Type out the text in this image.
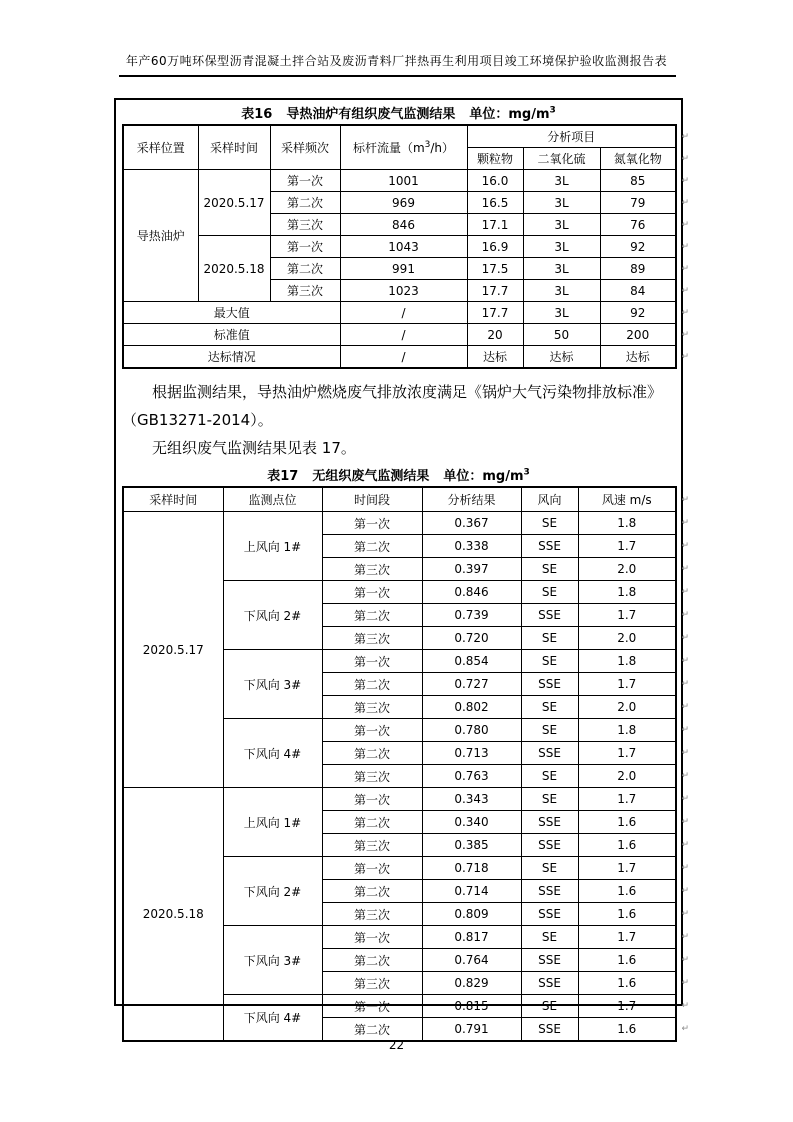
年产60万吨环保型沥青混凝土拌合站及废沥青料厂拌热再生利用项目竣工环境保护验收监测报告表
表16 导热油炉有组织废气监测结果 单位：$mg/m^3$
采样位置	采样时间	采样频次	标杆流量$(m^3/h)$	分析项目 ↵		

				颗粒物	二氧化硫	氮氧化物 ↵

导热油炉	2020.5.17	第一次	1001	16.0	3L	85 ↵

		第二次	969	16.5	3L	79 ↵

		第三次	846	17.1	3L	76 ↵

	2020.5.18	第一次	1043	16.9	3L	92 ↵

		第二次	991	17.5	3L	89 ↵

		第三次	1023	17.7	3L	84 ↵

最大值			/	17.7	3L	92 ↵

标准值			/	20	50	200 ↵

达标情况			/	达标	达标	达标 ↵
根据监测结果，导热油炉燃烧废气排放浓度满足《锅炉大气污染物排放标准》
（GB13271-2014）。
无组织废气监测结果见表 17。
表17 无组织废气监测结果 单位：$mg/m^3$
采样时间	监测点位	时间段	分析结果	风向	风速 m/s ↵

2020.5.17	上风向 1#	第一次	0.367	SE	1.8 ↵

		第二次	0.338	SSE	1.7 ↵

		第三次	0.397	SE	2.0 ↵

	下风向 2#	第一次	0.846	SE	1.8 ↵

		第二次	0.739	SSE	1.7 ↵

		第三次	0.720	SE	2.0 ↵

	下风向 3#	第一次	0.854	SE	1.8 ↵

		第二次	0.727	SSE	1.7 ↵

		第三次	0.802	SE	2.0 ↵

	下风向 4#	第一次	0.780	SE	1.8 ↵

		第二次	0.713	SSE	1.7 ↵

		第三次	0.763	SE	2.0 ↵

2020.5.18	上风向 1#	第一次	0.343	SE	1.7 ↵

		第二次	0.340	SSE	1.6 ↵

		第三次	0.385	SSE	1.6 ↵

	下风向 2#	第一次	0.718	SE	1.7 ↵

		第二次	0.714	SSE	1.6 ↵

		第三次	0.809	SSE	1.6 ↵

	下风向 3#	第一次	0.817	SE	1.7 ↵

		第二次	0.764	SSE	1.6 ↵

		第三次	0.829	SSE	1.6 ↵

	下风向 4#	第一次	0.815	SE	1.7 ↵

		第二次	0.791	SSE	1.6 ↵
22
